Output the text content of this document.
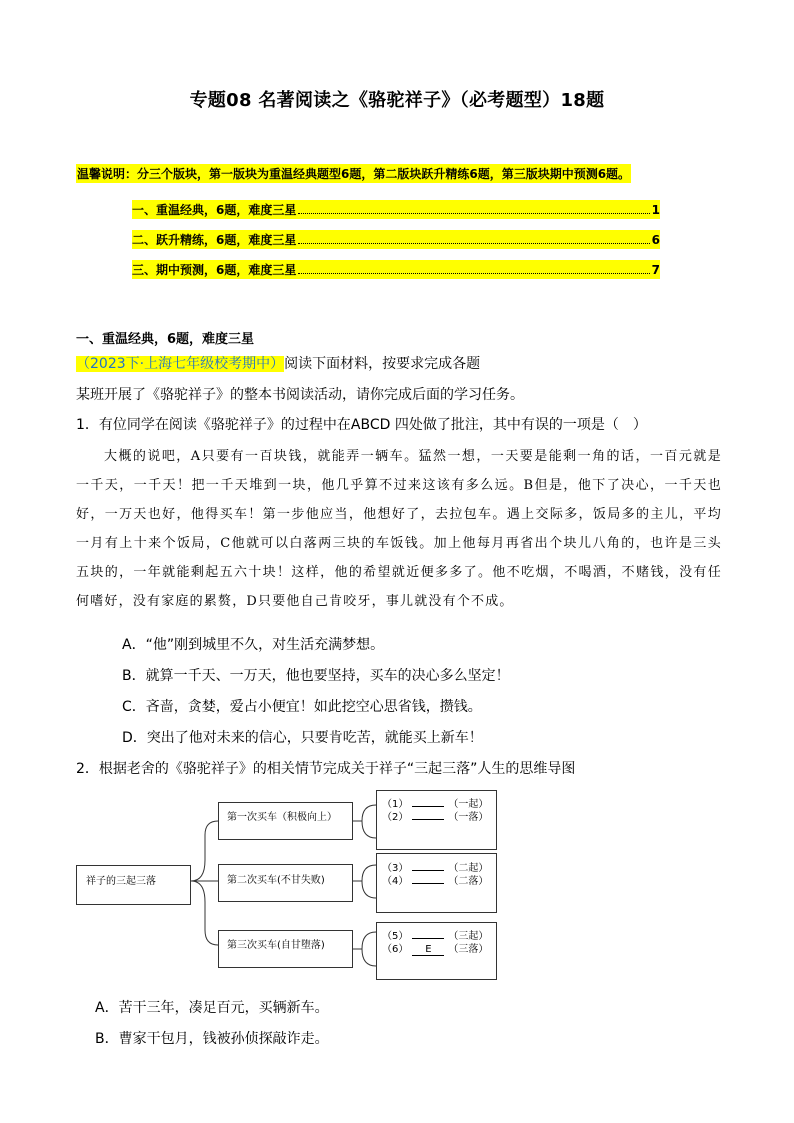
专题08 名著阅读之《骆驼祥子》（必考题型）18题
温馨说明：分三个版块，第一版块为重温经典题型6题，第二版块跃升精练6题，第三版块期中预测6题。
一、重温经典，6题，难度三星	1
二、跃升精练，6题，难度三星	6
三、期中预测，6题，难度三星	7
一、重温经典，6题，难度三星
（2023下·上海七年级校考期中）阅读下面材料，按要求完成各题
某班开展了《骆驼祥子》的整本书阅读活动，请你完成后面的学习任务。
1．有位同学在阅读《骆驼祥子》的过程中在ABCD 四处做了批注，其中有误的一项是（　）
大概的说吧，A只要有一百块钱，就能弄一辆车。猛然一想，一天要是能剩一角的话，一百元就是一千天，一千天！把一千天堆到一块，他几乎算不过来这该有多么远。B但是，他下了决心，一千天也好，一万天也好，他得买车！第一步他应当，他想好了，去拉包车。遇上交际多，饭局多的主儿，平均一月有上十来个饭局，C他就可以白落两三块的车饭钱。加上他每月再省出个块儿八角的，也许是三头五块的，一年就能剩起五六十块！这样，他的希望就近便多多了。他不吃烟，不喝酒，不赌钱，没有任何嗜好，没有家庭的累赘，D只要他自己肯咬牙，事儿就没有个不成。
A．“他”刚到城里不久，对生活充满梦想。
B．就算一千天、一万天，他也要坚持，买车的决心多么坚定！
C．吝啬，贪婪，爱占小便宜！如此挖空心思省钱，攒钱。
D．突出了他对未来的信心，只要肯吃苦，就能买上新车！
2．根据老舍的《骆驼祥子》的相关情节完成关于祥子“三起三落”人生的思维导图
祥子的三起三落
第一次买车（积极向上）
第二次买车(不甘失败)
第三次买车(自甘堕落)
（1）	（一起）
（2）	（一落）
（3）	（二起）
（4）	（二落）
（5）	（三起）
（6） E （三落）
A．苦干三年，凑足百元，买辆新车。
B．曹家干包月，钱被孙侦探敲诈走。
